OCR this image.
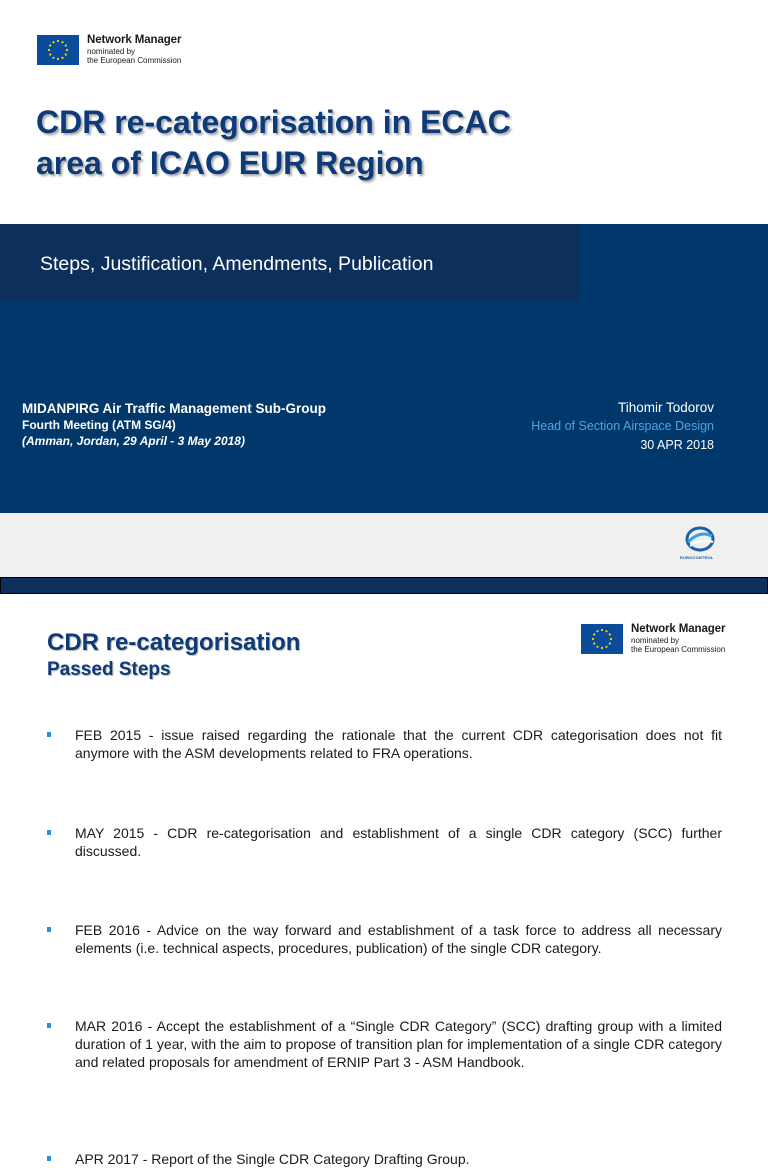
Network Manager
nominated by
the European Commission
CDR re-categorisation in ECAC
area of ICAO EUR Region
Steps, Justification, Amendments, Publication
MIDANPIRG Air Traffic Management Sub-Group
Fourth Meeting (ATM SG/4)
(Amman, Jordan, 29 April - 3 May 2018)
Tihomir Todorov
Head of Section Airspace Design
30 APR 2018
EUROCONTROL
CDR re-categorisation
Passed Steps
Network Manager
nominated by
the European Commission
FEB 2015 - issue raised regarding the rationale that the current CDR categorisation does not fit anymore with the ASM developments related to FRA operations.
MAY 2015 - CDR re-categorisation and establishment of a single CDR category (SCC) further discussed.
FEB 2016 - Advice on the way forward and establishment of a task force to address all necessary elements (i.e. technical aspects, procedures, publication) of the single CDR category.
MAR 2016 - Accept the establishment of a “Single CDR Category” (SCC) drafting group with a limited duration of 1 year, with the aim to propose of transition plan for implementation of a single CDR category and related proposals for amendment of ERNIP Part 3 - ASM Handbook.
APR 2017 - Report of the Single CDR Category Drafting Group.
